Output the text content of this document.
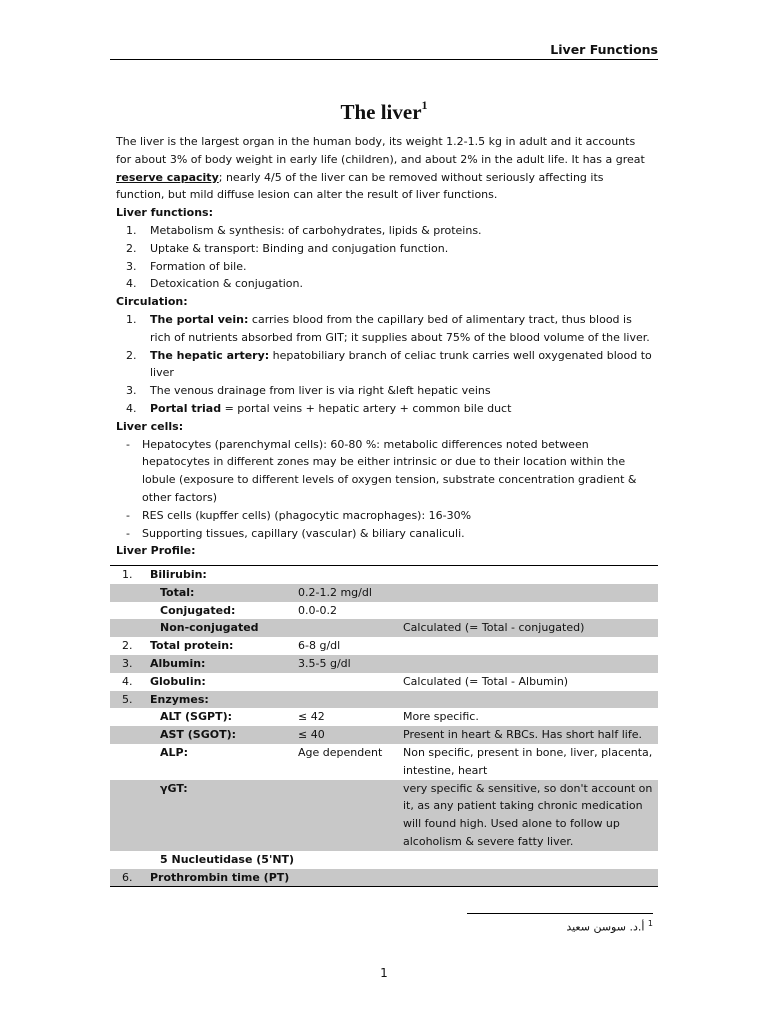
Liver Functions
The liver$^1$

The liver is the largest organ in the human body, its weight 1.2-1.5 kg in adult and it accounts for about 3% of body weight in early life (children), and about 2% in the adult life. It has a great reserve capacity; nearly 4/5 of the liver can be removed without seriously affecting its function, but mild diffuse lesion can alter the result of liver functions.

Liver functions:

1. Metabolism & synthesis: of carbohydrates, lipids & proteins.
2. Uptake & transport: Binding and conjugation function.
3. Formation of bile.
4. Detoxication & conjugation.

Circulation:

1. The portal vein: carries blood from the capillary bed of alimentary tract, thus blood is rich of nutrients absorbed from GIT; it supplies about 75% of the blood volume of the liver.
2. The hepatic artery: hepatobiliary branch of celiac trunk carries well oxygenated blood to liver
3. The venous drainage from liver is via right &left hepatic veins
4. Portal triad = portal veins + hepatic artery + common bile duct

Liver cells:

- Hepatocytes (parenchymal cells): 60-80 %: metabolic differences noted between hepatocytes in different zones may be either intrinsic or due to their location within the lobule (exposure to different levels of oxygen tension, substrate concentration gradient & other factors)
- RES cells (kupffer cells) (phagocytic macrophages): 16-30%
- Supporting tissues, capillary (vascular) & biliary canaliculi.

Liver Profile:

1.	Bilirubin:		
	Total:	0.2-1.2 mg/dl	
	Conjugated:	0.0-0.2	
	Non-conjugated		Calculated (= Total - conjugated)
2.	Total protein:	6-8 g/dl	
3.	Albumin:	3.5-5 g/dl	
4.	Globulin:		Calculated (= Total - Albumin)
5.	Enzymes:		
	ALT (SGPT):	≤ 42	More specific.
	AST (SGOT):	≤ 40	Present in heart & RBCs. Has short half life.
	ALP:	Age dependent	Non specific, present in bone, liver, placenta, intestine, heart
	γGT:		very specific & sensitive, so don't account on it, as any patient taking chronic medication will found high. Used alone to follow up alcoholism & severe fatty liver.
	5 Nucleutidase (5'NT)		
6.	Prothrombin time (PT)		
$^1$ أ.د. سوسن سعيد
1
